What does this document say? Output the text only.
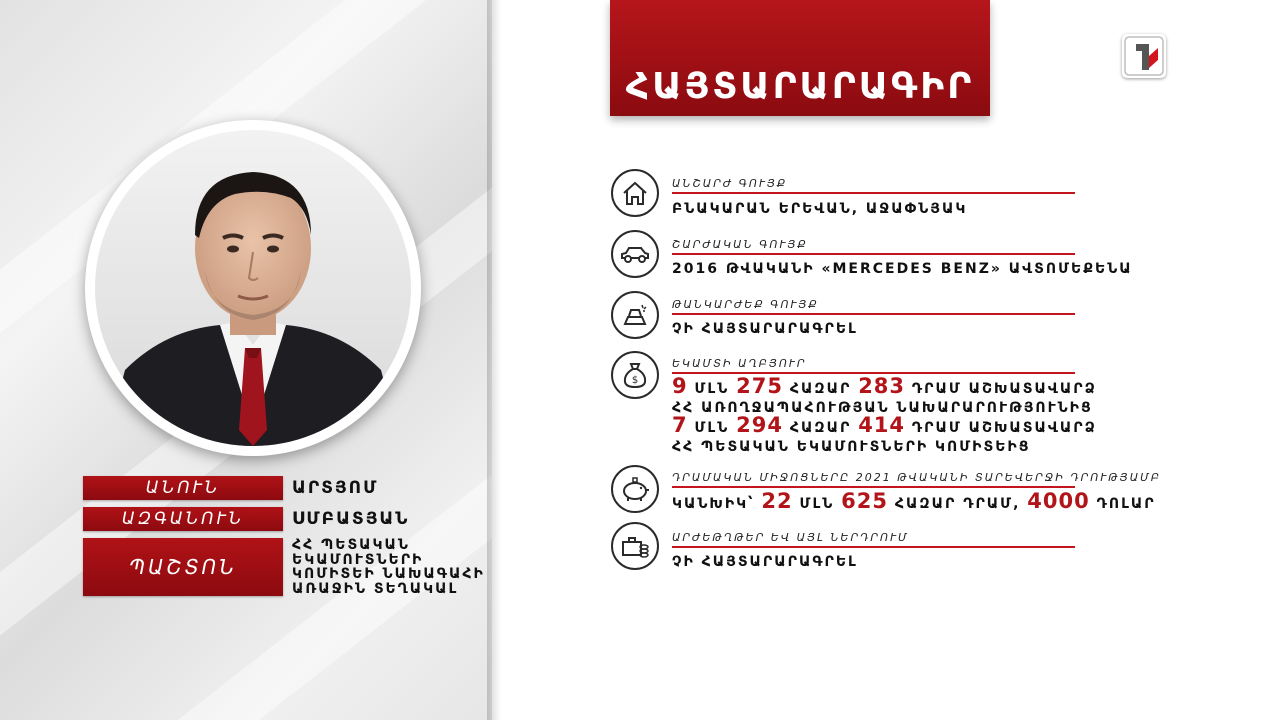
ԱՆՈՒՆ	ԱՐՏՅՈՄ
ԱԶԳԱՆՈՒՆ	ՍՄԲԱՏՅԱՆ
ՊԱՇՏՈՆ
ՀՀ ՊԵՏԱԿԱՆ
ԵԿԱՄՈՒՏՆԵՐԻ
ԿՈՄԻՏԵԻ ՆԱԽԱԳԱՀԻ
ԱՌԱՋԻՆ ՏԵՂԱԿԱԼ
ՀԱՅՏԱՐԱՐԱԳԻՐ
ԱՆՇԱՐԺ ԳՈՒՅՔ
ԲՆԱԿԱՐԱՆ ԵՐԵՎԱՆ, ԱՋԱՓՆՅԱԿ
ՇԱՐԺԱԿԱՆ ԳՈՒՅՔ
2016 ԹՎԱԿԱՆԻ «MERCEDES BENZ» ԱՎՏՈՄԵՔԵՆԱ
ԹԱՆԿԱՐԺԵՔ ԳՈՒՅՔ
ՉԻ ՀԱՅՏԱՐԱՐԱԳՐԵԼ
$
ԵԿԱՄՏԻ ԱՂԲՅՈՒՐ
9 ՄԼՆ 275 ՀԱԶԱՐ 283 ԴՐԱՄ ԱՇԽԱՏԱՎԱՐՁ
ՀՀ ԱՌՈՂՋԱՊԱՀՈՒԹՅԱՆ ՆԱԽԱՐԱՐՈՒԹՅՈՒՆԻՑ
7 ՄԼՆ 294 ՀԱԶԱՐ 414 ԴՐԱՄ ԱՇԽԱՏԱՎԱՐՁ
ՀՀ ՊԵՏԱԿԱՆ ԵԿԱՄՈՒՏՆԵՐԻ ԿՈՄԻՏԵԻՑ
ԴՐԱՄԱԿԱՆ ՄԻՋՈՑՆԵՐԸ 2021 ԹՎԱԿԱՆԻ ՏԱՐԵՎԵՐՋԻ ԴՐՈՒԹՅԱՄԲ
ԿԱՆԽԻԿ՝ 22 ՄԼՆ 625 ՀԱԶԱՐ ԴՐԱՄ, 4000 ԴՈԼԱՐ
ԱՐԺԵԹՂԹԵՐ ԵՎ ԱՅԼ ՆԵՐԴՐՈՒՄ
ՉԻ ՀԱՅՏԱՐԱՐԱԳՐԵԼ
